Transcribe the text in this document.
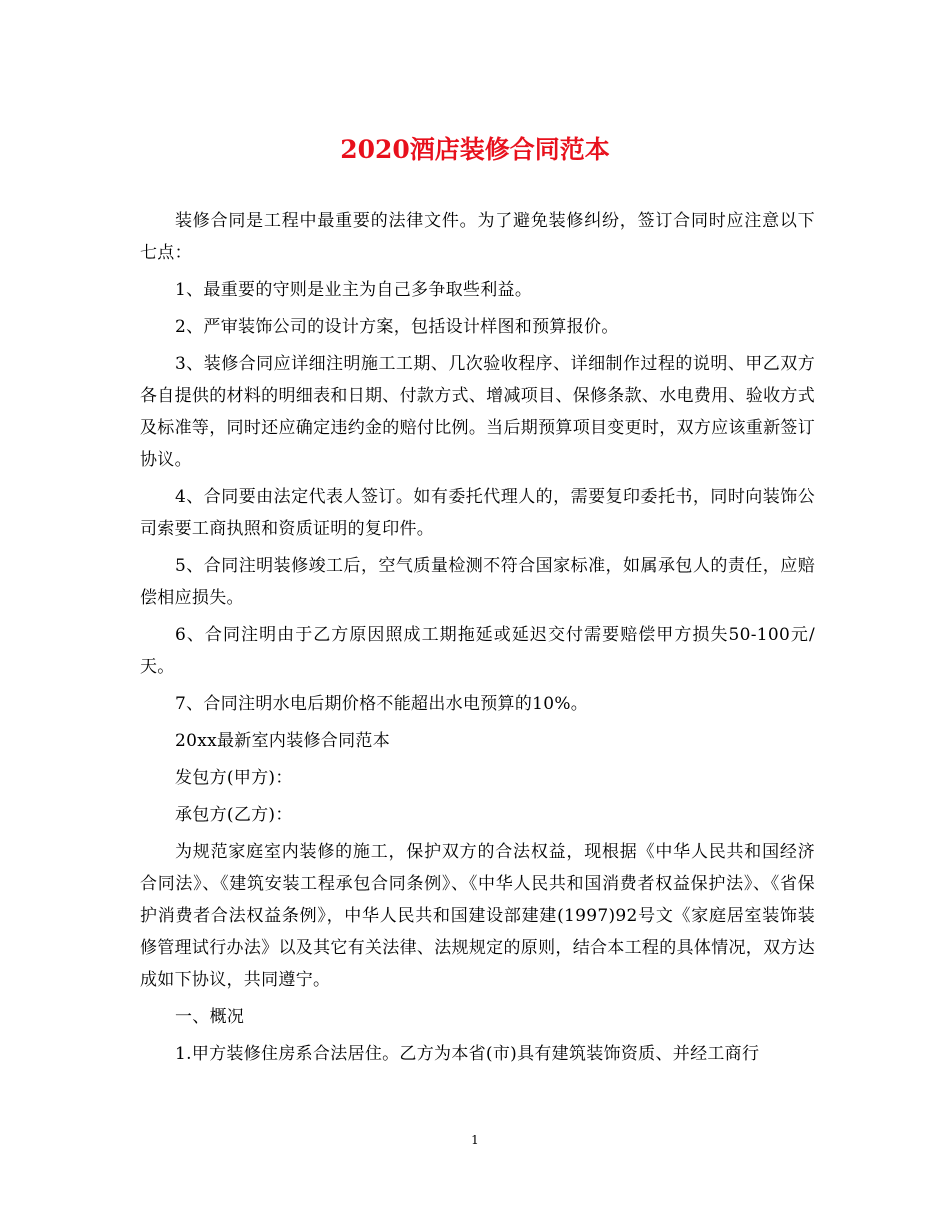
2020酒店装修合同范本

装修合同是工程中最重要的法律文件。为了避免装修纠纷，签订合同时应注意以下七点：

1、最重要的守则是业主为自己多争取些利益。

2、严审装饰公司的设计方案，包括设计样图和预算报价。

3、装修合同应详细注明施工工期、几次验收程序、详细制作过程的说明、甲乙双方各自提供的材料的明细表和日期、付款方式、增减项目、保修条款、水电费用、验收方式及标准等，同时还应确定违约金的赔付比例。当后期预算项目变更时，双方应该重新签订协议。

4、合同要由法定代表人签订。如有委托代理人的，需要复印委托书，同时向装饰公司索要工商执照和资质证明的复印件。

5、合同注明装修竣工后，空气质量检测不符合国家标准，如属承包人的责任，应赔偿相应损失。

6、合同注明由于乙方原因照成工期拖延或延迟交付需要赔偿甲方损失50-100元/天。

7、合同注明水电后期价格不能超出水电预算的10%。

20xx最新室内装修合同范本

发包方(甲方)：

承包方(乙方)：

为规范家庭室内装修的施工，保护双方的合法权益，现根据《中华人民共和国经济合同法》、《建筑安装工程承包合同条例》、《中华人民共和国消费者权益保护法》、《省保护消费者合法权益条例》，中华人民共和国建设部建建(1997)92号文《家庭居室装饰装修管理试行办法》以及其它有关法律、法规规定的原则，结合本工程的具体情况，双方达成如下协议，共同遵宁。

一、概况

1.甲方装修住房系合法居住。乙方为本省(市)具有建筑装饰资质、并经工商行

1
